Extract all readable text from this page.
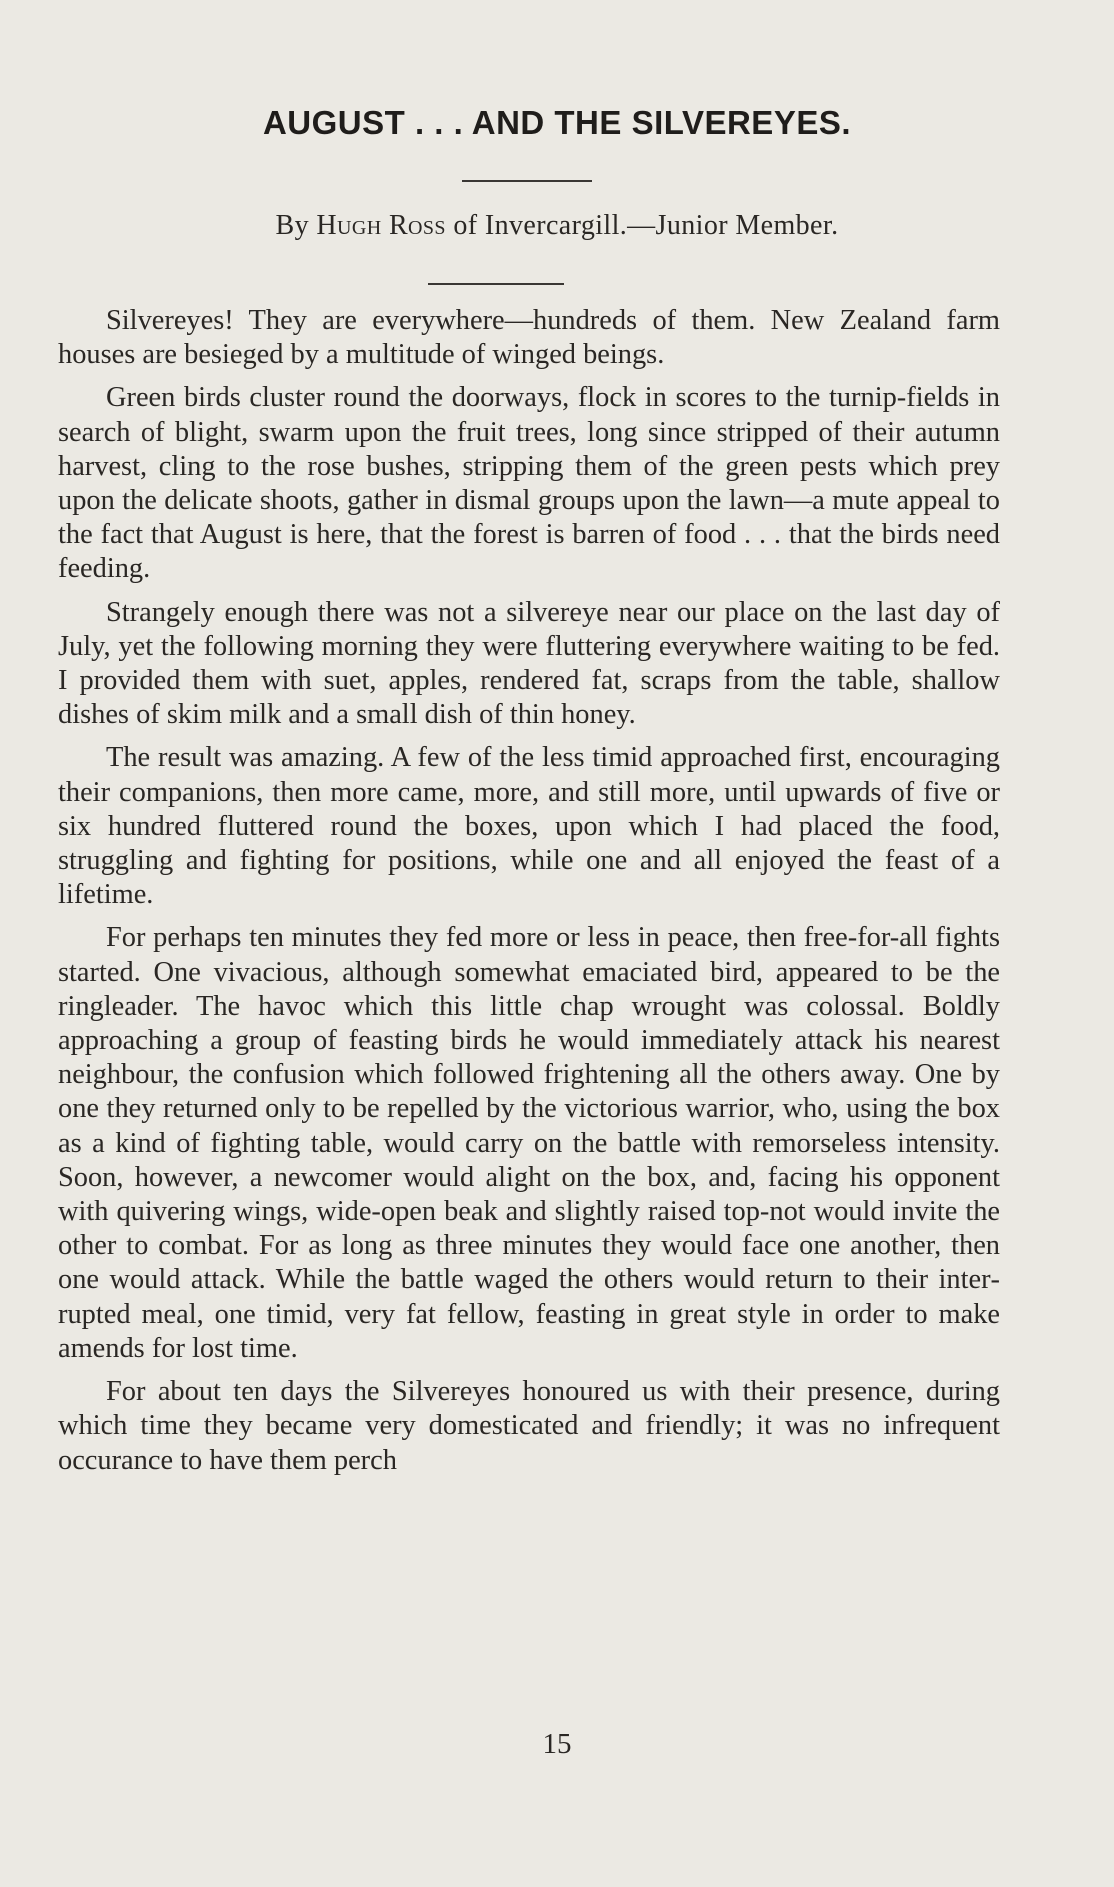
AUGUST . . . AND THE SILVEREYES.
By Hugh Ross of Invercargill.—Junior Member.

Silvereyes! They are everywhere—hundreds of them. New Zealand farm houses are besieged by a multitude of winged beings.

Green birds cluster round the doorways, flock in scores to the turnip-fields in search of blight, swarm upon the fruit trees, long since stripped of their autumn harvest, cling to the rose bushes, stripping them of the green pests which prey upon the delicate shoots, gather in dismal groups upon the lawn—a mute appeal to the fact that August is here, that the forest is barren of food . . . that the birds need feeding.

Strangely enough there was not a silvereye near our place on the last day of July, yet the following morning they were fluttering everywhere waiting to be fed. I provided them with suet, apples, rendered fat, scraps from the table, shallow dishes of skim milk and a small dish of thin honey.

The result was amazing. A few of the less timid approached first, encouraging their companions, then more came, more, and still more, until upwards of five or six hundred fluttered round the boxes, upon which I had placed the food, struggling and fighting for positions, while one and all enjoyed the feast of a lifetime.

For perhaps ten minutes they fed more or less in peace, then free-for-all fights started. One vivacious, although somewhat emaciated bird, appeared to be the ringleader. The havoc which this little chap wrought was colossal. Boldly approaching a group of feasting birds he would immediately attack his nearest neighbour, the confusion which followed frightening all the others away. One by one they returned only to be repelled by the victorious warrior, who, using the box as a kind of fighting table, would carry on the battle with remorseless intensity. Soon, however, a newcomer would alight on the box, and, facing his opponent with quivering wings, wide-open beak and slightly raised top-not would invite the other to combat. For as long as three minutes they would face one another, then one would attack. While the battle waged the others would return to their interrupted meal, one timid, very fat fellow, feasting in great style in order to make amends for lost time.

For about ten days the Silvereyes honoured us with their presence, during which time they became very domesticated and friendly; it was no infrequent occurance to have them perch

15
